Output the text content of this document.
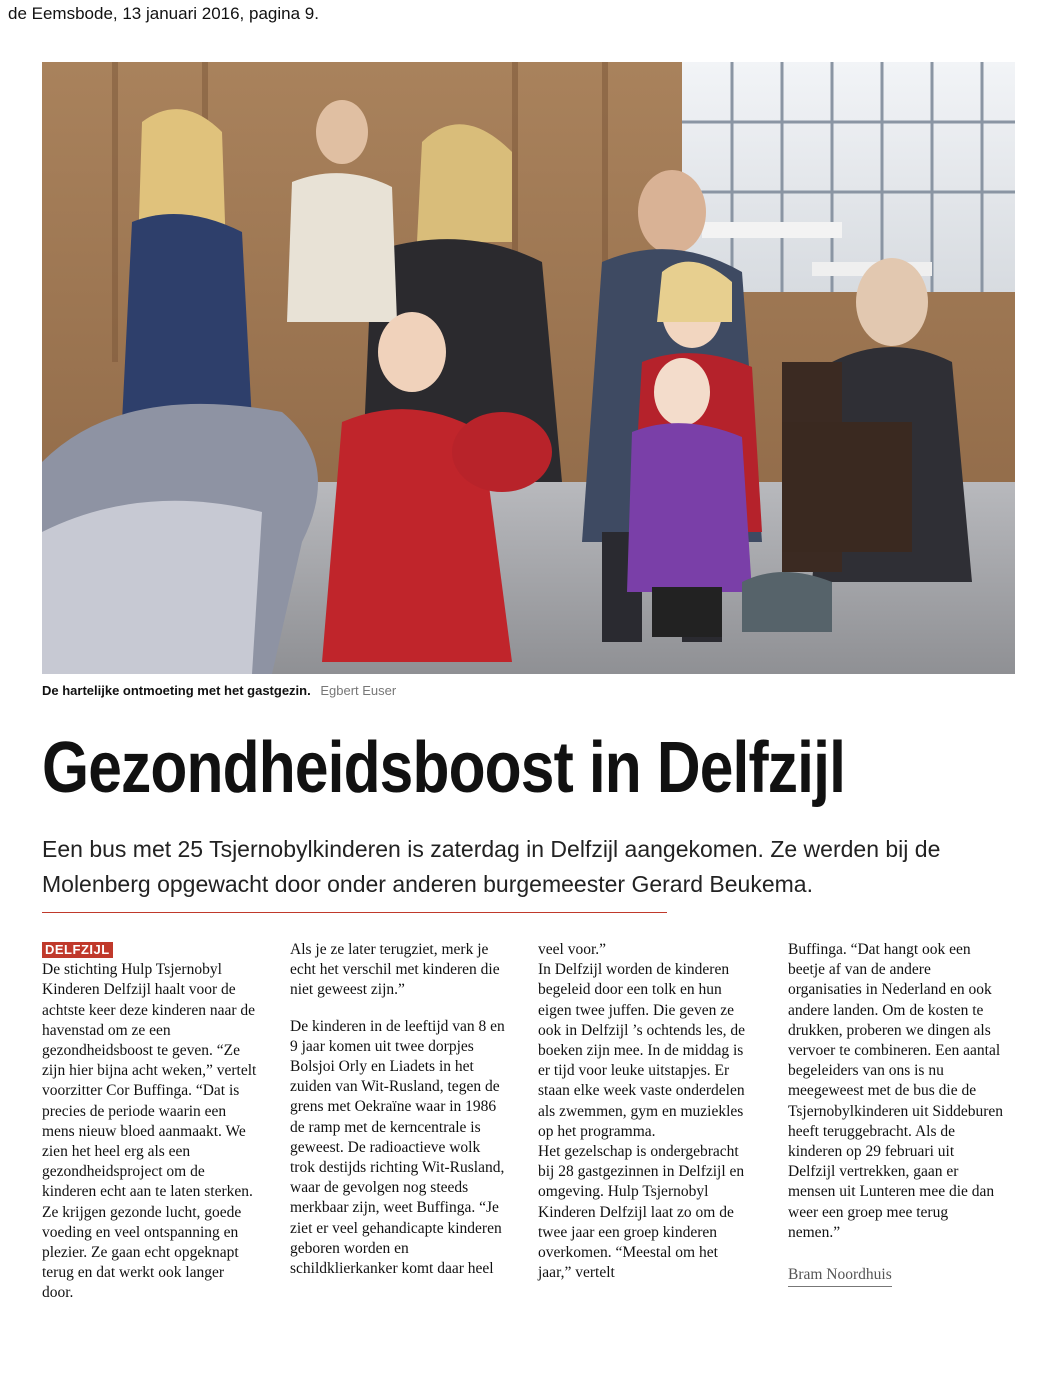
de Eemsbode, 13 januari 2016, pagina 9.
De hartelijke ontmoeting met het gastgezin. Egbert Euser
Gezondheidsboost in Delfzijl
Een bus met 25 Tsjernobylkinderen is zaterdag in Delfzijl aangekomen. Ze werden bij de Molenberg opgewacht door onder anderen burgemeester Gerard Beukema.
DELFZIJL

De stichting Hulp Tsjernobyl Kinderen Delfzijl haalt voor de achtste keer deze kinderen naar de havenstad om ze een gezondheidsboost te geven. “Ze zijn hier bijna acht weken,” vertelt voorzitter Cor Buffinga. “Dat is precies de periode waarin een mens nieuw bloed aanmaakt. We zien het heel erg als een gezondheidsproject om de kinderen echt aan te laten sterken. Ze krijgen gezonde lucht, goede voeding en veel ontspanning en plezier. Ze gaan echt opgeknapt terug en dat werkt ook langer door.

Als je ze later terugziet, merk je echt het verschil met kinderen die niet geweest zijn.”

De kinderen in de leeftijd van 8 en 9 jaar komen uit twee dorpjes Bolsjoi Orly en Liadets in het zuiden van Wit-Rusland, tegen de grens met Oekraïne waar in 1986 de ramp met de kerncentrale is geweest. De radioactieve wolk trok destijds richting Wit-Rusland, waar de gevolgen nog steeds merkbaar zijn, weet Buffinga. “Je ziet er veel gehandicapte kinderen geboren worden en schildklierkanker komt daar heel

veel voor.”

In Delfzijl worden de kinderen begeleid door een tolk en hun eigen twee juffen. Die geven ze ook in Delfzijl ’s ochtends les, de boeken zijn mee. In de middag is er tijd voor leuke uitstapjes. Er staan elke week vaste onderdelen als zwemmen, gym en muziekles op het programma.

Het gezelschap is ondergebracht bij 28 gastgezinnen in Delfzijl en omgeving. Hulp Tsjernobyl Kinderen Delfzijl laat zo om de twee jaar een groep kinderen overkomen. “Meestal om het jaar,” vertelt

Buffinga. “Dat hangt ook een beetje af van de andere organisaties in Nederland en ook andere landen. Om de kosten te drukken, proberen we dingen als vervoer te combineren. Een aantal begeleiders van ons is nu meegeweest met de bus die de Tsjernobylkinderen uit Siddeburen heeft teruggebracht. Als de kinderen op 29 februari uit Delfzijl vertrekken, gaan er mensen uit Lunteren mee die dan weer een groep mee terug nemen.”

Bram Noordhuis
